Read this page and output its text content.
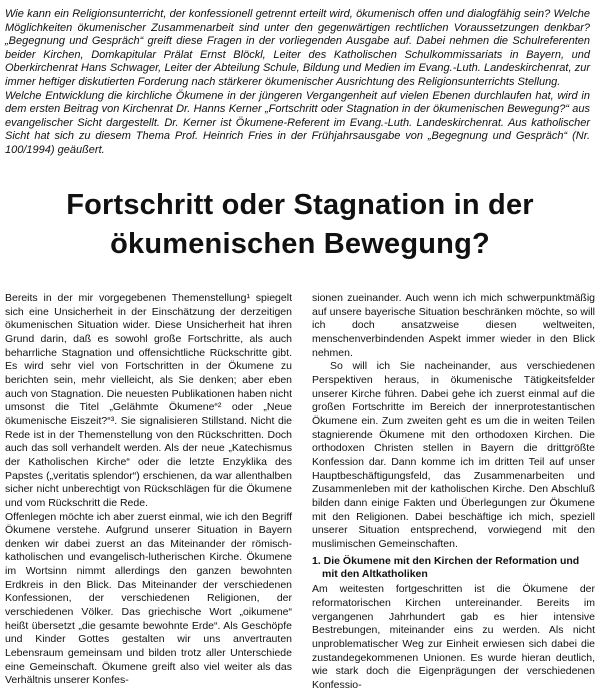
Wie kann ein Religionsunterricht, der konfessionell getrennt erteilt wird, ökumenisch offen und dialogfähig sein? Welche Möglichkeiten ökumenischer Zusammenarbeit sind unter den gegenwärtigen rechtlichen Voraussetzungen denkbar? „Begegnung und Gespräch“ greift diese Fragen in der vorliegenden Ausgabe auf. Dabei nehmen die Schulreferenten beider Kirchen, Domkapitular Prälat Ernst Blöckl, Leiter des Katholischen Schulkommissariats in Bayern, und Oberkirchenrat Hans Schwager, Leiter der Abteilung Schule, Bildung und Medien im Evang.-Luth. Landeskirchenrat, zur immer heftiger diskutierten Forderung nach stärkerer ökumenischer Ausrichtung des Religionsunterrichts Stellung.

Welche Entwicklung die kirchliche Ökumene in der jüngeren Vergangenheit auf vielen Ebenen durchlaufen hat, wird in dem ersten Beitrag von Kirchenrat Dr. Hanns Kerner „Fortschritt oder Stagnation in der ökumenischen Bewegung?“ aus evangelischer Sicht dargestellt. Dr. Kerner ist Ökumene-Referent im Evang.-Luth. Landeskirchenrat. Aus katholischer Sicht hat sich zu diesem Thema Prof. Heinrich Fries in der Frühjahrsausgabe von „Begegnung und Gespräch“ (Nr. 100/1994) geäußert.

Fortschritt oder Stagnation in der
ökumenischen Bewegung?

Bereits in der mir vorgegebenen Themenstellung¹ spiegelt sich eine Unsicherheit in der Einschätzung der derzeitigen ökumenischen Situation wider. Diese Unsicherheit hat ihren Grund darin, daß es sowohl große Fortschritte, als auch beharrliche Stagnation und offensichtliche Rückschritte gibt. Es wird sehr viel von Fortschritten in der Ökumene zu berichten sein, mehr vielleicht, als Sie denken; aber eben auch von Stagnation. Die neuesten Publikationen haben nicht umsonst die Titel „Gelähmte Ökumene“² oder „Neue ökumenische Eiszeit?“³. Sie signalisieren Stillstand. Nicht die Rede ist in der Themenstellung von den Rückschritten. Doch auch das soll verhandelt werden. Als der neue „Katechismus der Katholischen Kirche“ oder die letzte Enzyklika des Papstes („veritatis splendor“) erschienen, da war allenthalben sicher nicht unberechtigt von Rückschlägen für die Ökumene und vom Rückschritt die Rede.

Offenlegen möchte ich aber zuerst einmal, wie ich den Begriff Ökumene verstehe. Aufgrund unserer Situation in Bayern denken wir dabei zuerst an das Miteinander der römisch-katholischen und evangelisch-lutherischen Kirche. Ökumene im Wortsinn nimmt allerdings den ganzen bewohnten Erdkreis in den Blick. Das Miteinander der verschiedenen Konfessionen, der verschiedenen Religionen, der verschiedenen Völker. Das griechische Wort „oikumene“ heißt übersetzt „die gesamte bewohnte Erde“. Als Geschöpfe und Kinder Gottes gestalten wir uns anvertrauten Lebensraum gemeinsam und bilden trotz aller Unterschiede eine Gemeinschaft. Ökumene greift also viel weiter als das Verhältnis unserer Konfes-

sionen zueinander. Auch wenn ich mich schwerpunktmäßig auf unsere bayerische Situation beschränken möchte, so will ich doch ansatzweise diesen weltweiten, menschenverbindenden Aspekt immer wieder in den Blick nehmen.

So will ich Sie nacheinander, aus verschiedenen Perspektiven heraus, in ökumenische Tätigkeitsfelder unserer Kirche führen. Dabei gehe ich zuerst einmal auf die großen Fortschritte im Bereich der innerprotestantischen Ökumene ein. Zum zweiten geht es um die in weiten Teilen stagnierende Ökumene mit den orthodoxen Kirchen. Die orthodoxen Christen stellen in Bayern die drittgrößte Konfession dar. Dann komme ich im dritten Teil auf unser Hauptbeschäftigungsfeld, das Zusammenarbeiten und Zusammenleben mit der katholischen Kirche. Den Abschluß bilden dann einige Fakten und Überlegungen zur Ökumene mit den Religionen. Dabei beschäftige ich mich, speziell unserer Situation entsprechend, vorwiegend mit den muslimischen Gemeinschaften.

1. Die Ökumene mit den Kirchen der Reformation und mit den Altkatholiken

Am weitesten fortgeschritten ist die Ökumene der reformatorischen Kirchen untereinander. Bereits im vergangenen Jahrhundert gab es hier intensive Bestrebungen, miteinander eins zu werden. Als nicht unproblematischer Weg zur Einheit erwiesen sich dabei die zustandegekommenen Unionen. Es wurde hieran deutlich, wie stark doch die Eigenprägungen der verschiedenen Konfessio-
